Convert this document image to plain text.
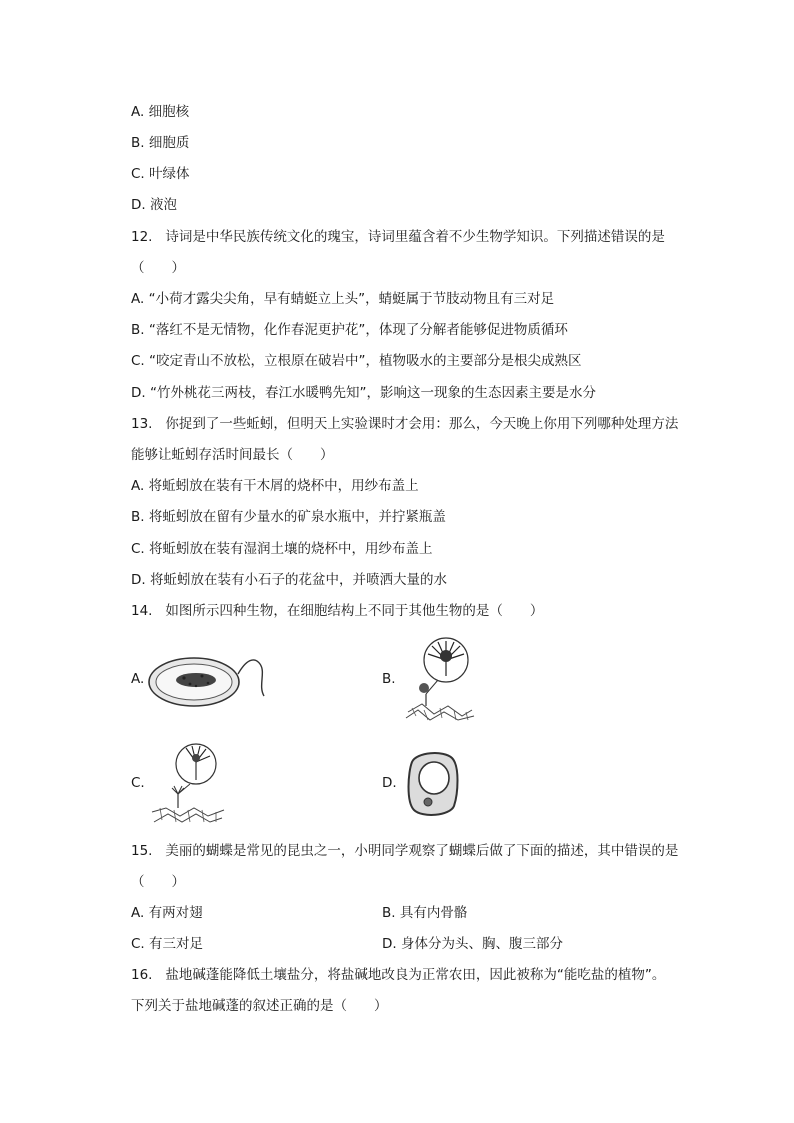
A. 细胞核
B. 细胞质
C. 叶绿体
D. 液泡
12. 诗词是中华民族传统文化的瑰宝，诗词里蕴含着不少生物学知识。下列描述错误的是
（　　）
A. “小荷才露尖尖角，早有蜻蜓立上头”，蜻蜓属于节肢动物且有三对足
B. “落红不是无情物，化作春泥更护花”，体现了分解者能够促进物质循环
C. “咬定青山不放松，立根原在破岩中”，植物吸水的主要部分是根尖成熟区
D. “竹外桃花三两枝，春江水暖鸭先知”，影响这一现象的生态因素主要是水分
13. 你捉到了一些蚯蚓，但明天上实验课时才会用：那么，今天晚上你用下列哪种处理方法
能够让蚯蚓存活时间最长（　　）
A. 将蚯蚓放在装有干木屑的烧杯中，用纱布盖上
B. 将蚯蚓放在留有少量水的矿泉水瓶中，并拧紧瓶盖
C. 将蚯蚓放在装有湿润土壤的烧杯中，用纱布盖上
D. 将蚯蚓放在装有小石子的花盆中，并喷洒大量的水
14. 如图所示四种生物，在细胞结构上不同于其他生物的是（　　）
A.	B.
C.	D.
15. 美丽的蝴蝶是常见的昆虫之一，小明同学观察了蝴蝶后做了下面的描述，其中错误的是
（　　）
A. 有两对翅	B. 具有内骨骼
C. 有三对足	D. 身体分为头、胸、腹三部分
16. 盐地碱蓬能降低土壤盐分，将盐碱地改良为正常农田，因此被称为“能吃盐的植物”。
下列关于盐地碱蓬的叙述正确的是（　　）
